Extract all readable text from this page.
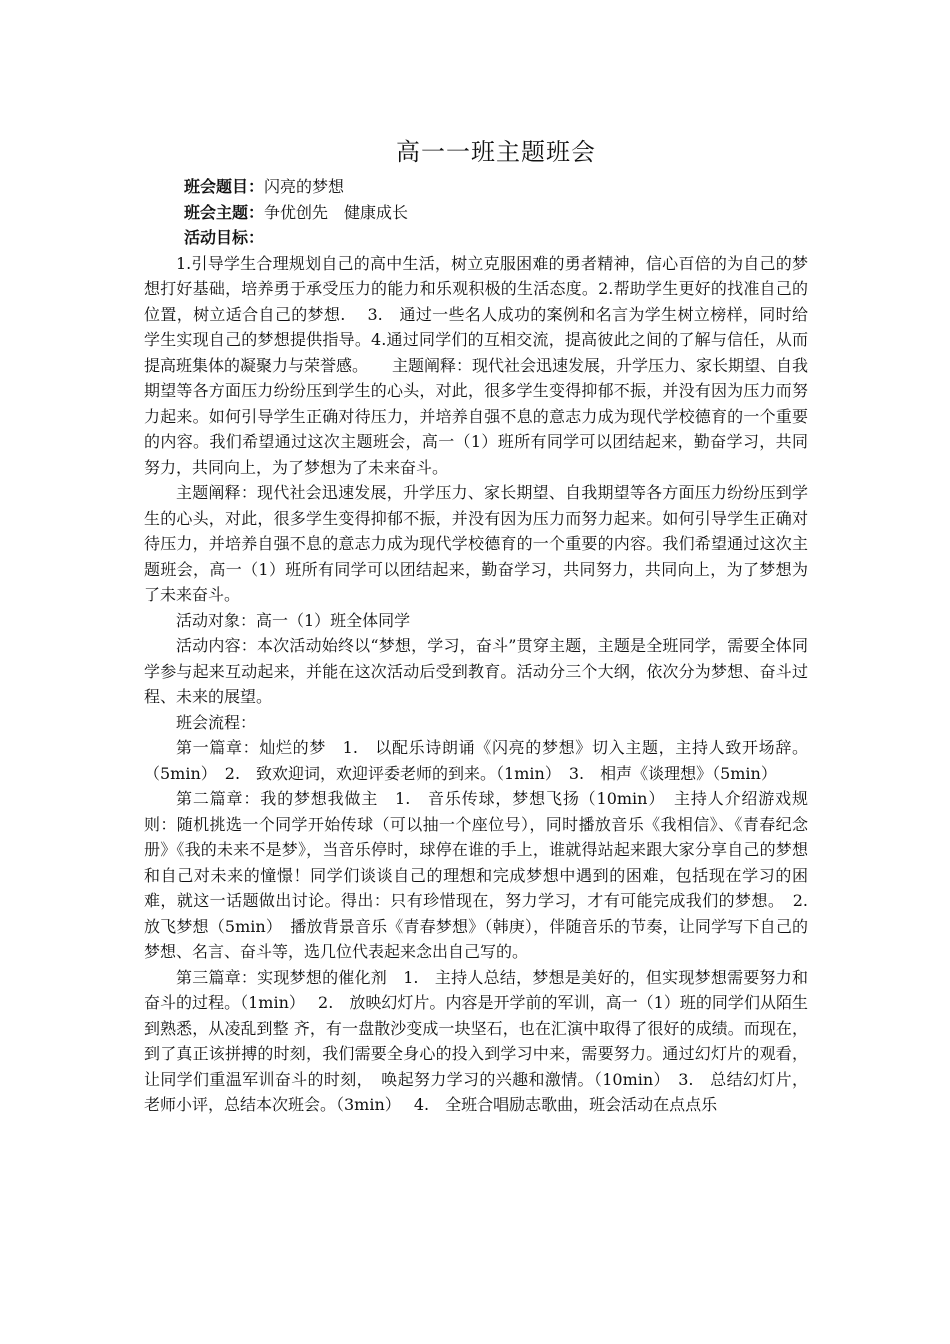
高一一班主题班会

班会题目：闪亮的梦想

班会主题：争优创先　健康成长

活动目标：

1.引导学生合理规划自己的高中生活，树立克服困难的勇者精神，信心百倍的为自己的梦想打好基础，培养勇于承受压力的能力和乐观积极的生活态度。2.帮助学生更好的找准自己的位置，树立适合自己的梦想.　 3.　通过一些名人成功的案例和名言为学生树立榜样，同时给学生实现自己的梦想提供指导。4.通过同学们的互相交流，提高彼此之间的了解与信任，从而提高班集体的凝聚力与荣誉感。　　主题阐释：现代社会迅速发展，升学压力、家长期望、自我期望等各方面压力纷纷压到学生的心头，对此，很多学生变得抑郁不振，并没有因为压力而努力起来。如何引导学生正确对待压力，并培养自强不息的意志力成为现代学校德育的一个重要的内容。我们希望通过这次主题班会，高一（1）班所有同学可以团结起来，勤奋学习，共同努力，共同向上，为了梦想为了未来奋斗。

主题阐释：现代社会迅速发展，升学压力、家长期望、自我期望等各方面压力纷纷压到学生的心头，对此，很多学生变得抑郁不振，并没有因为压力而努力起来。如何引导学生正确对待压力，并培养自强不息的意志力成为现代学校德育的一个重要的内容。我们希望通过这次主题班会，高一（1）班所有同学可以团结起来，勤奋学习，共同努力，共同向上，为了梦想为了未来奋斗。

活动对象：高一（1）班全体同学

活动内容：本次活动始终以“梦想，学习，奋斗”贯穿主题，主题是全班同学，需要全体同学参与起来互动起来，并能在这次活动后受到教育。活动分三个大纲，依次分为梦想、奋斗过程、未来的展望。

班会流程：

第一篇章：灿烂的梦　1.　以配乐诗朗诵《闪亮的梦想》切入主题，主持人致开场辞。（5min）　2.　致欢迎词，欢迎评委老师的到来。（1min）　3.　相声《谈理想》（5min）

第二篇章：我的梦想我做主　1.　音乐传球，梦想飞扬（10min）　主持人介绍游戏规则：随机挑选一个同学开始传球（可以抽一个座位号），同时播放音乐《我相信》、《青春纪念册》《我的未来不是梦》，当音乐停时，球停在谁的手上，谁就得站起来跟大家分享自己的梦想和自己对未来的憧憬！同学们谈谈自己的理想和完成梦想中遇到的困难，包括现在学习的困难，就这一话题做出讨论。得出：只有珍惜现在，努力学习，才有可能完成我们的梦想。　2.　放飞梦想（5min）　播放背景音乐《青春梦想》（韩庚），伴随音乐的节奏，让同学写下自己的梦想、名言、奋斗等，选几位代表起来念出自己写的。

第三篇章：实现梦想的催化剂　1.　主持人总结，梦想是美好的，但实现梦想需要努力和奋斗的过程。（1min）　 2.　放映幻灯片。内容是开学前的军训，高一（1）班的同学们从陌生到熟悉，从凌乱到整 齐，有一盘散沙变成一块坚石，也在汇演中取得了很好的成绩。而现在，到了真正该拼搏的时刻，我们需要全身心的投入到学习中来，需要努力。通过幻灯片的观看，让同学们重温军训奋斗的时刻，　唤起努力学习的兴趣和激情。（10min）　3.　总结幻灯片，老师小评，总结本次班会。（3min）　 4.　全班合唱励志歌曲，班会活动在点点乐
